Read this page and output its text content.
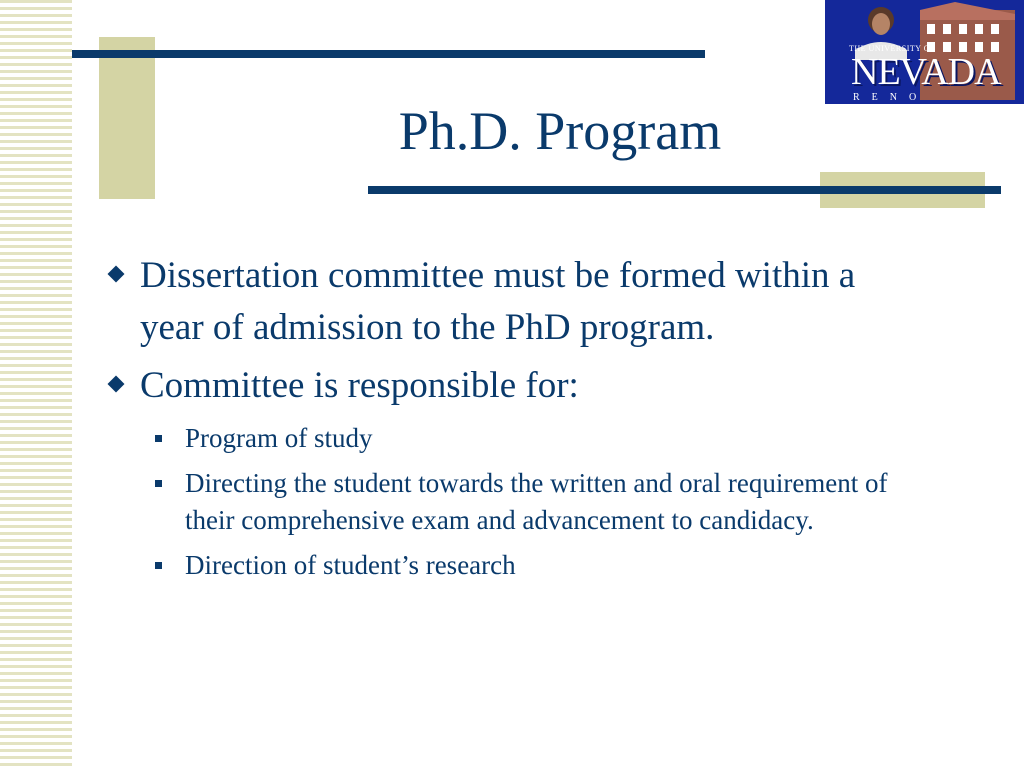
Ph.D. Program
THE UNIVERSITY OF
NEVADA
RENO
Dissertation committee must be formed within a year of admission to the PhD program.
Committee is responsible for:
Program of study
Directing the student towards the written and oral requirement of their comprehensive exam and advancement to candidacy.
Direction of student’s research
